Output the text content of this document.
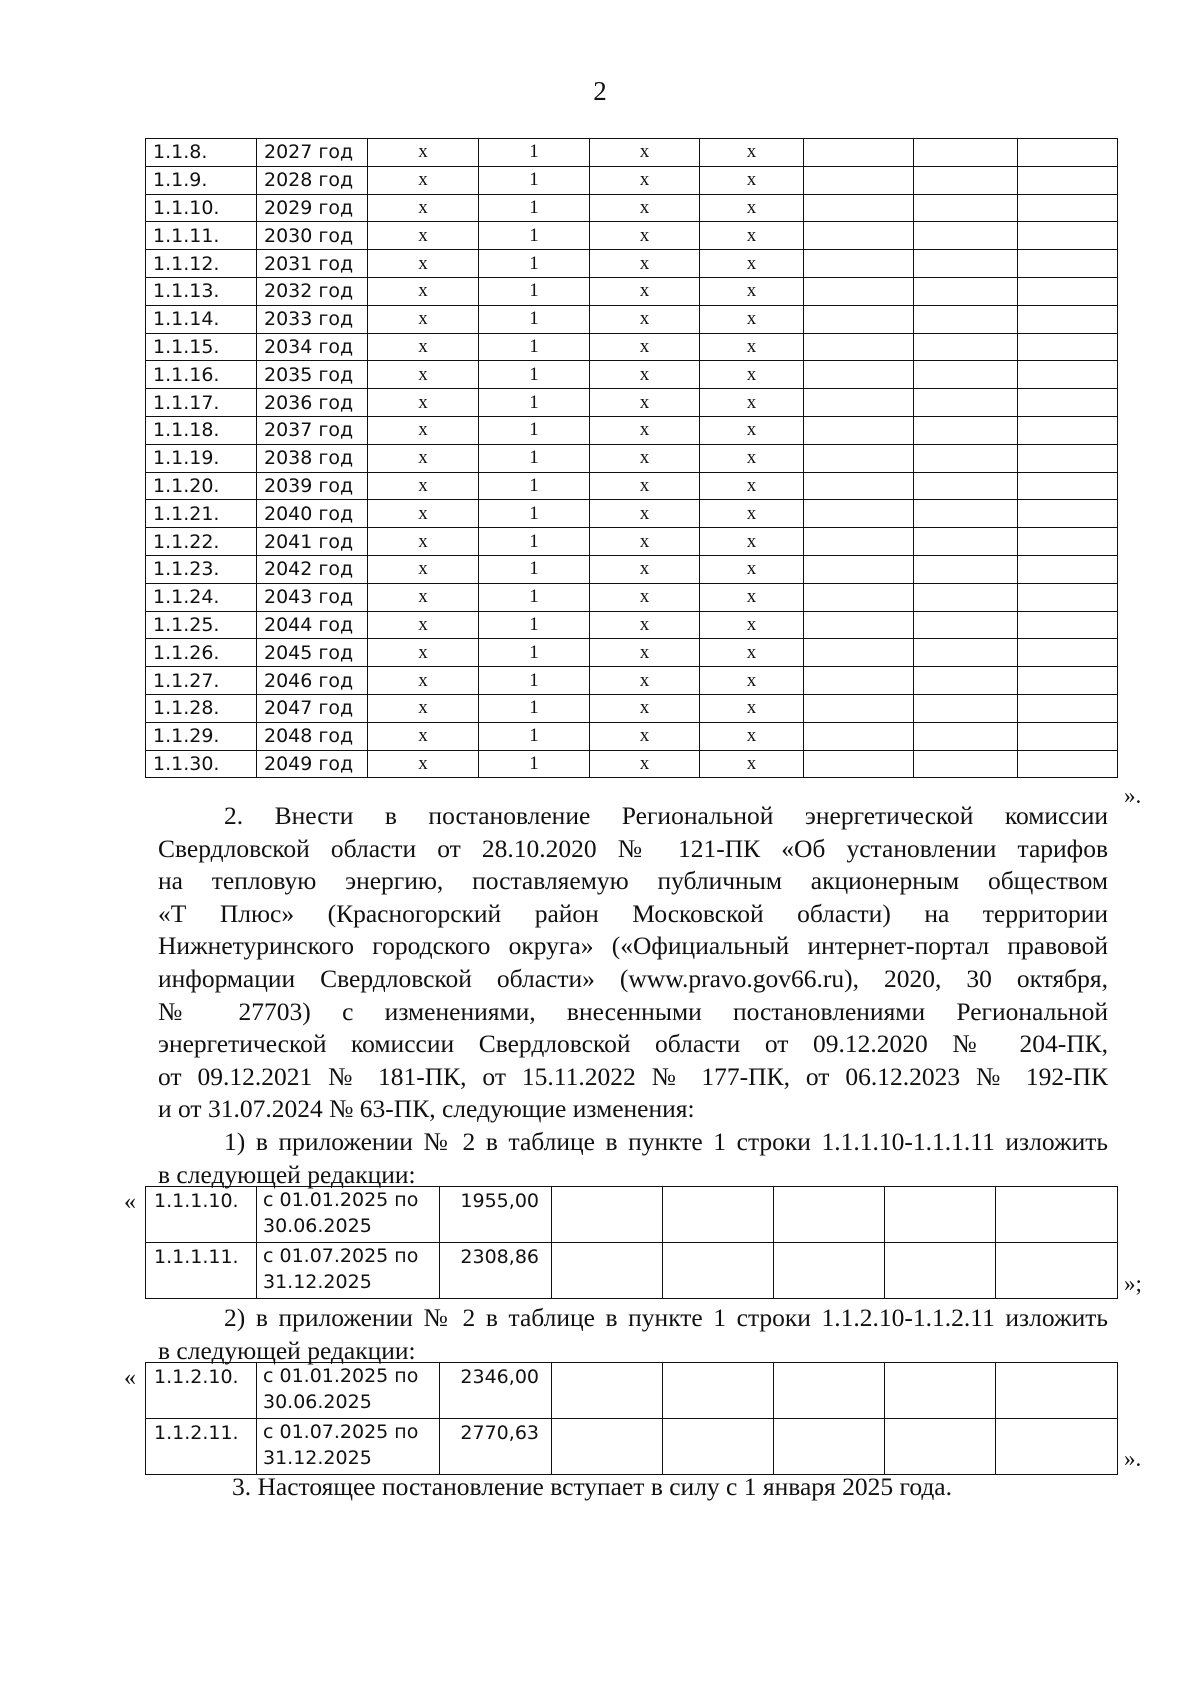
2
1.1.8.	2027 год	х	1	х	х			
1.1.9.	2028 год	х	1	х	х			
1.1.10.	2029 год	х	1	х	х			
1.1.11.	2030 год	х	1	х	х			
1.1.12.	2031 год	х	1	х	х			
1.1.13.	2032 год	х	1	х	х			
1.1.14.	2033 год	х	1	х	х			
1.1.15.	2034 год	х	1	х	х			
1.1.16.	2035 год	х	1	х	х			
1.1.17.	2036 год	х	1	х	х			
1.1.18.	2037 год	х	1	х	х			
1.1.19.	2038 год	х	1	х	х			
1.1.20.	2039 год	х	1	х	х			
1.1.21.	2040 год	х	1	х	х			
1.1.22.	2041 год	х	1	х	х			
1.1.23.	2042 год	х	1	х	х			
1.1.24.	2043 год	х	1	х	х			
1.1.25.	2044 год	х	1	х	х			
1.1.26.	2045 год	х	1	х	х			
1.1.27.	2046 год	х	1	х	х			
1.1.28.	2047 год	х	1	х	х			
1.1.29.	2048 год	х	1	х	х			
1.1.30.	2049 год	х	1	х	х			
».
2. Внести в постановление Региональной энергетической комиссии
Свердловской области от 28.10.2020 № 121-ПК «Об установлении тарифов
на тепловую энергию, поставляемую публичным акционерным обществом
«Т Плюс» (Красногорский район Московской области) на территории
Нижнетуринского городского округа» («Официальный интернет-портал правовой
информации Свердловской области» (www.pravo.gov66.ru), 2020, 30 октября,
№ 27703) с изменениями, внесенными постановлениями Региональной
энергетической комиссии Свердловской области от 09.12.2020 № 204-ПК,
от 09.12.2021 № 181-ПК, от 15.11.2022 № 177-ПК, от 06.12.2023 № 192-ПК
и от 31.07.2024 № 63-ПК, следующие изменения:
1) в приложении № 2 в таблице в пункте 1 строки 1.1.1.10-1.1.1.11 изложить
в следующей редакции:
« 1.1.1.10.	с 01.01.2025 по 30.06.2025	1955,00					
1.1.1.11.	с 01.07.2025 по 31.12.2025	2308,86					
»;
2) в приложении № 2 в таблице в пункте 1 строки 1.1.2.10-1.1.2.11 изложить
в следующей редакции:
« 1.1.2.10.	с 01.01.2025 по 30.06.2025	2346,00					
1.1.2.11.	с 01.07.2025 по 31.12.2025	2770,63					
».
3. Настоящее постановление вступает в силу с 1 января 2025 года.
